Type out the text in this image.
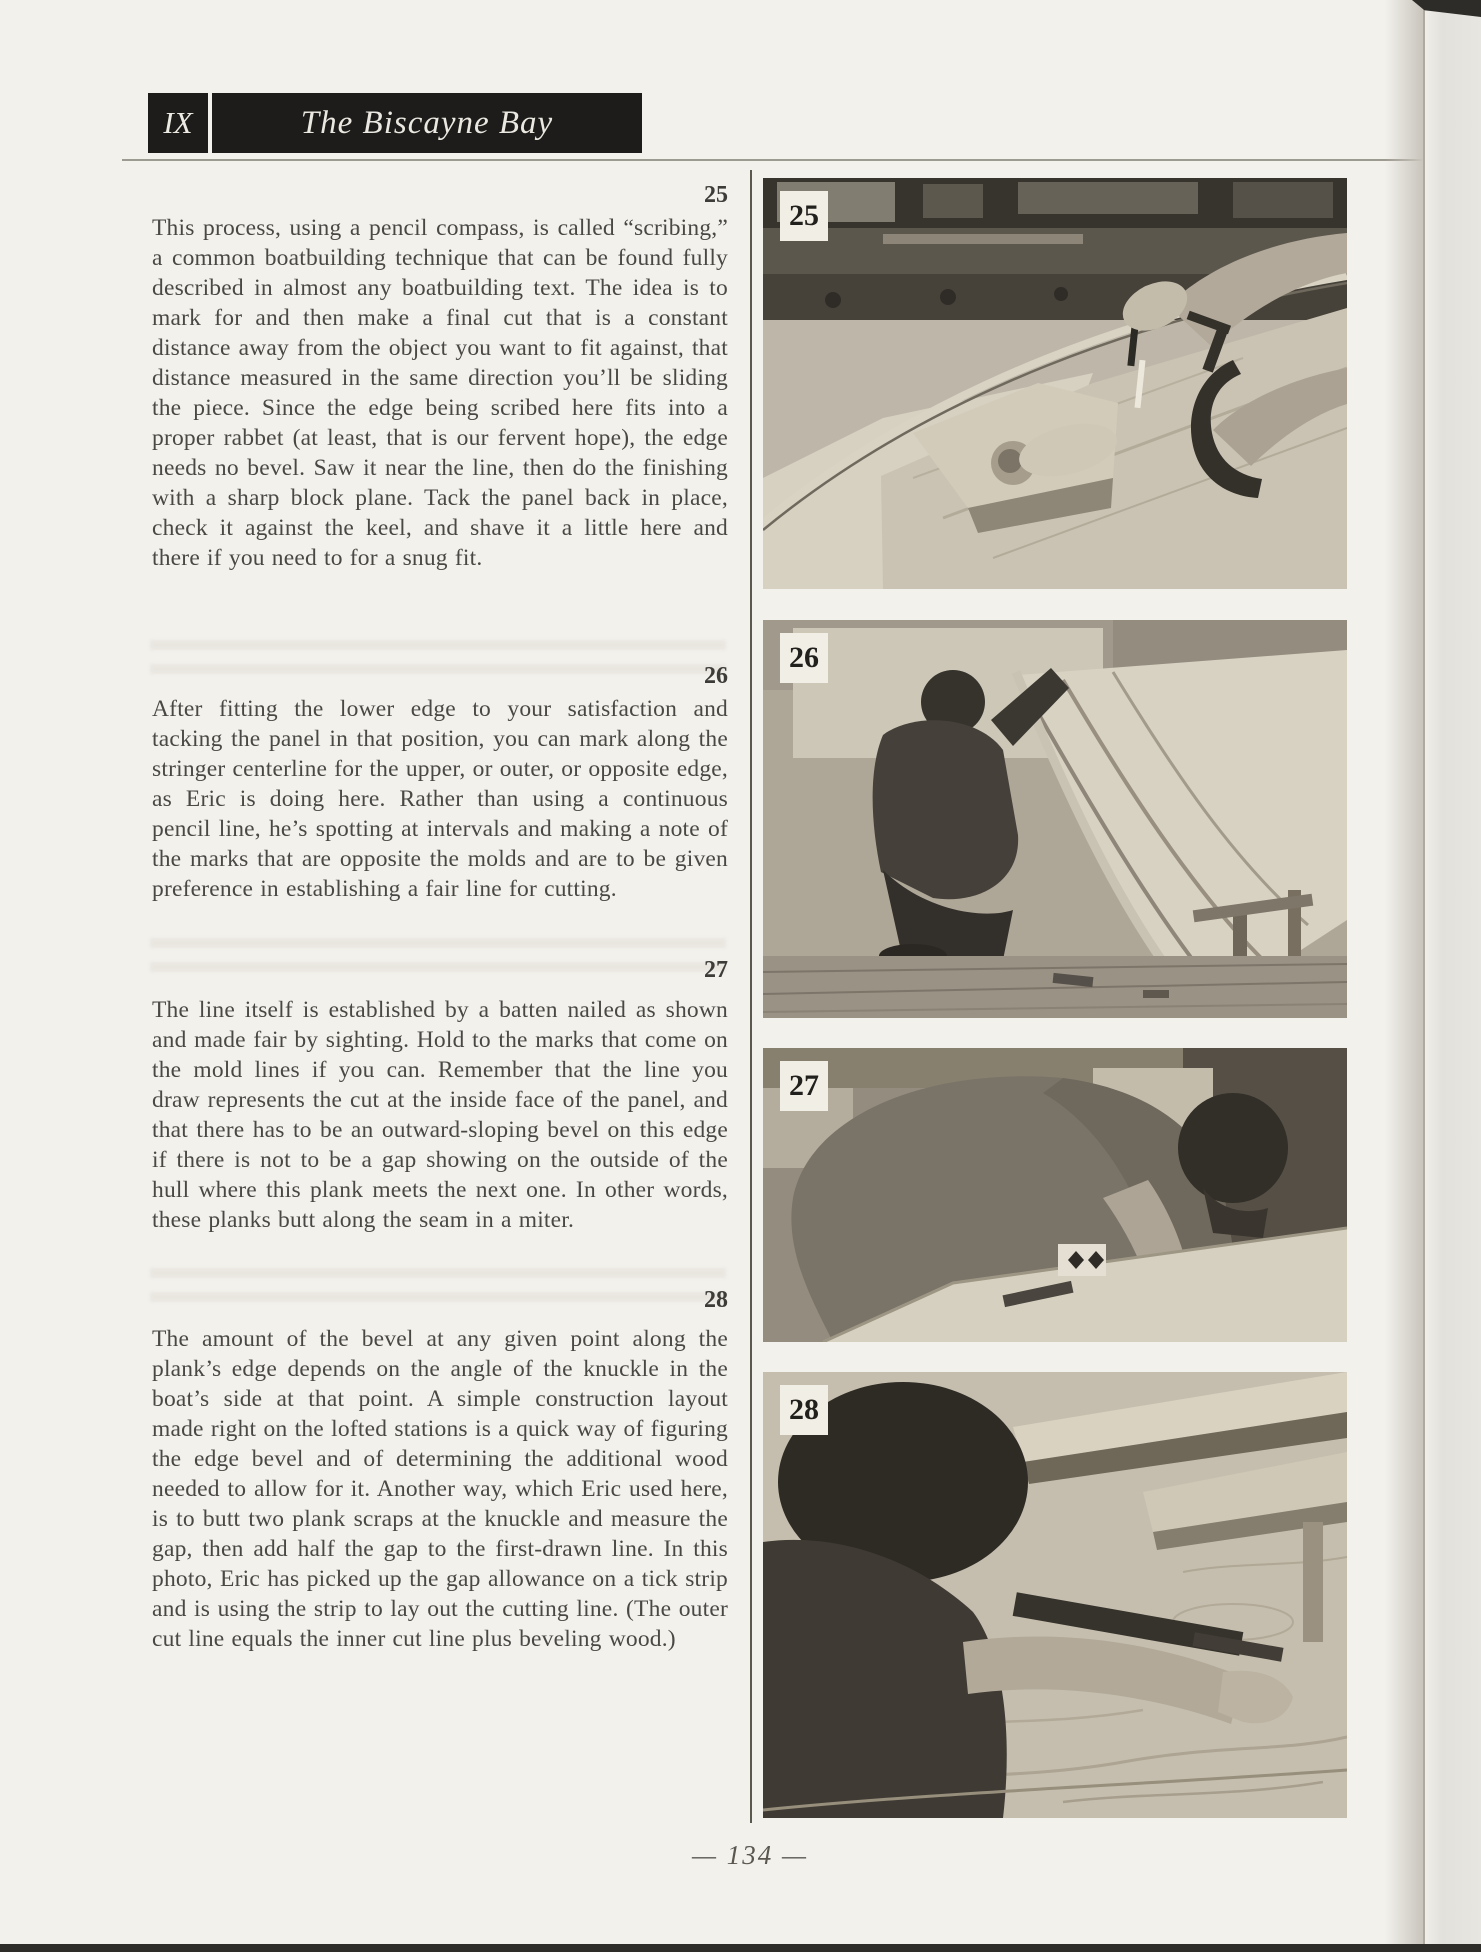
IX	The Biscayne Bay
25
This process, using a pencil compass, is called “scribing,” a common boatbuilding technique that can be found fully described in almost any boatbuilding text. The idea is to mark for and then make a final cut that is a constant distance away from the object you want to fit against, that distance measured in the same direction you’ll be sliding the piece. Since the edge being scribed here fits into a proper rabbet (at least, that is our fervent hope), the edge needs no bevel. Saw it near the line, then do the finishing with a sharp block plane. Tack the panel back in place, check it against the keel, and shave it a little here and there if you need to for a snug fit.
26
After fitting the lower edge to your satisfaction and tacking the panel in that position, you can mark along the stringer centerline for the upper, or outer, or opposite edge, as Eric is doing here. Rather than using a continuous pencil line, he’s spotting at intervals and making a note of the marks that are opposite the molds and are to be given preference in establishing a fair line for cutting.
27
The line itself is established by a batten nailed as shown and made fair by sighting. Hold to the marks that come on the mold lines if you can. Remember that the line you draw represents the cut at the inside face of the panel, and that there has to be an outward-sloping bevel on this edge if there is not to be a gap showing on the outside of the hull where this plank meets the next one. In other words, these planks butt along the seam in a miter.
28
The amount of the bevel at any given point along the plank’s edge depends on the angle of the knuckle in the boat’s side at that point. A simple construction layout made right on the lofted stations is a quick way of figuring the edge bevel and of determining the additional wood needed to allow for it. Another way, which Eric used here, is to butt two plank scraps at the knuckle and measure the gap, then add half the gap to the first-drawn line. In this photo, Eric has picked up the gap allowance on a tick strip and is using the strip to lay out the cutting line. (The outer cut line equals the inner cut line plus beveling wood.)
25
26
27
28
— 134 —
